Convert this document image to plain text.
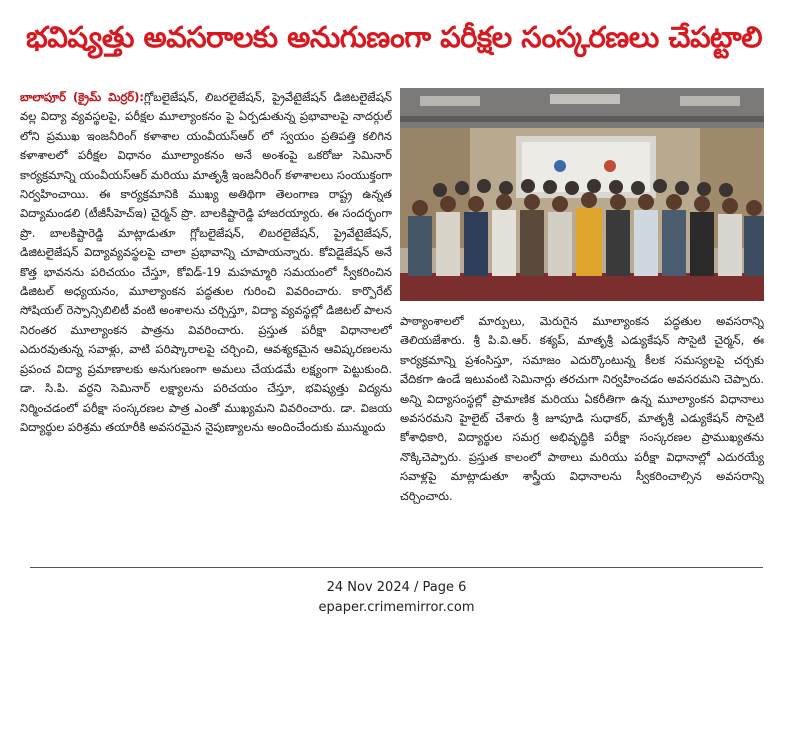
భవిష్యత్తు అవసరాలకు అనుగుణంగా పరీక్షల సంస్కరణలు చేపట్టాలి

బాలాపూర్ (క్రైమ్ మిర్రర్):గ్లోబలైజేషన్, లిబరలైజేషన్, ప్రైవేటైజేషన్ డిజిటలైజేషన్ వల్ల విద్యా వ్యవస్థలపై, పరీక్షల మూల్యాంకనం పై ఏర్పడుతున్న ప్రభావాలపై నాదర్గుల్ లోని ప్రముఖ ఇంజనీరింగ్ కళాశాల యంవీయస్ఆర్ లో స్వయం ప్రతిపత్తి కలిగిన కళాశాలలో పరీక్షల విధానం మూల్యాంకనం అనే అంశంపై ఒకరోజు సెమినార్ కార్యక్రమాన్ని యంవీయస్ఆర్ మరియు మాతృశ్రీ ఇంజనీరింగ్ కళాశాలలు సంయుక్తంగా నిర్వహించాయి. ఈ కార్యక్రమానికి ముఖ్య అతిథిగా తెలంగాణ రాష్ట్ర ఉన్నత విద్యామండలి (టీజీసీహెచ్ఇ) చైర్మన్ ప్రొ. బాలకిష్టారెడ్డి హాజరయ్యారు. ఈ సందర్భంగా ప్రొ. బాలకిష్టారెడ్డి మాట్లాడుతూ గ్లోబలైజేషన్, లిబరలైజేషన్, ప్రైవేటైజేషన్, డిజిటలైజేషన్ విద్యావ్యవస్థలపై చాలా ప్రభావాన్ని చూపాయన్నారు. కోవిడైజేషన్ అనే కొత్త భావనను పరిచయం చేస్తూ, కోవిడ్-19 మహమ్మారి సమయంలో స్వీకరించిన డిజిటల్ అధ్యయనం, మూల్యాంకన పద్ధతుల గురించి వివరించారు. కార్పొరేట్ సోషియల్ రెస్పాన్సిబిలిటీ వంటి అంశాలను చర్చిస్తూ, విద్యా వ్యవస్థల్లో డిజిటల్ పాలన నిరంతర మూల్యాంకన పాత్రను వివరించారు. ప్రస్తుత పరీక్షా విధానాలలో ఎదురవుతున్న సవాళ్లు, వాటి పరిష్కారాలపై చర్చించి, ఆవశ్యకమైన ఆవిష్కరణలను ప్రపంచ విద్యా ప్రమాణాలకు అనుగుణంగా అమలు చేయడమే లక్ష్యంగా పెట్టుకుంది. డా. సి.పి. వర్ధని సెమినార్ లక్ష్యాలను పరిచయం చేస్తూ, భవిష్యత్తు విద్యను నిర్మించడంలో పరీక్షా సంస్కరణల పాత్ర ఎంతో ముఖ్యమని వివరించారు. డా. విజయ విద్యార్థుల పరిశ్రమ తయారీకి అవసరమైన నైపుణ్యాలను అందించేందుకు మున్ముందు

పాఠ్యాంశాలలో మార్పులు, మెరుగైన మూల్యాంకన పద్ధతుల అవసరాన్ని తెలియజేశారు. శ్రీ పి.వి.ఆర్. కశ్యప్, మాతృశ్రీ ఎడ్యుకేషన్ సొసైటి చైర్మన్, ఈ కార్యక్రమాన్ని ప్రశంసిస్తూ, సమాజం ఎదుర్కొంటున్న కీలక సమస్యలపై చర్చకు వేదికగా ఉండే ఇటువంటి సెమినార్లు తరచుగా నిర్వహించడం అవసరమని చెప్పారు. అన్ని విద్యాసంస్థల్లో ప్రామాణిక మరియు ఏకరీతిగా ఉన్న మూల్యాంకన విధానాలు అవసరమని హైలైట్ చేశారు శ్రీ జూపూడి సుధాకర్, మాతృశ్రీ ఎడ్యుకేషన్ సొసైటి కోశాధికారి, విద్యార్థుల సమగ్ర అభివృద్ధికి పరీక్షా సంస్కరణల ప్రాముఖ్యతను నొక్కిచెప్పారు. ప్రస్తుత కాలంలో పాఠాలు మరియు పరీక్షా విధానాల్లో ఎదురయ్యే సవాళ్లపై మాట్లాడుతూ శాస్త్రీయ విధానాలను స్వీకరించాల్సిన అవసరాన్ని చర్చించారు.

24 Nov 2024 / Page 6
epaper.crimemirror.com
